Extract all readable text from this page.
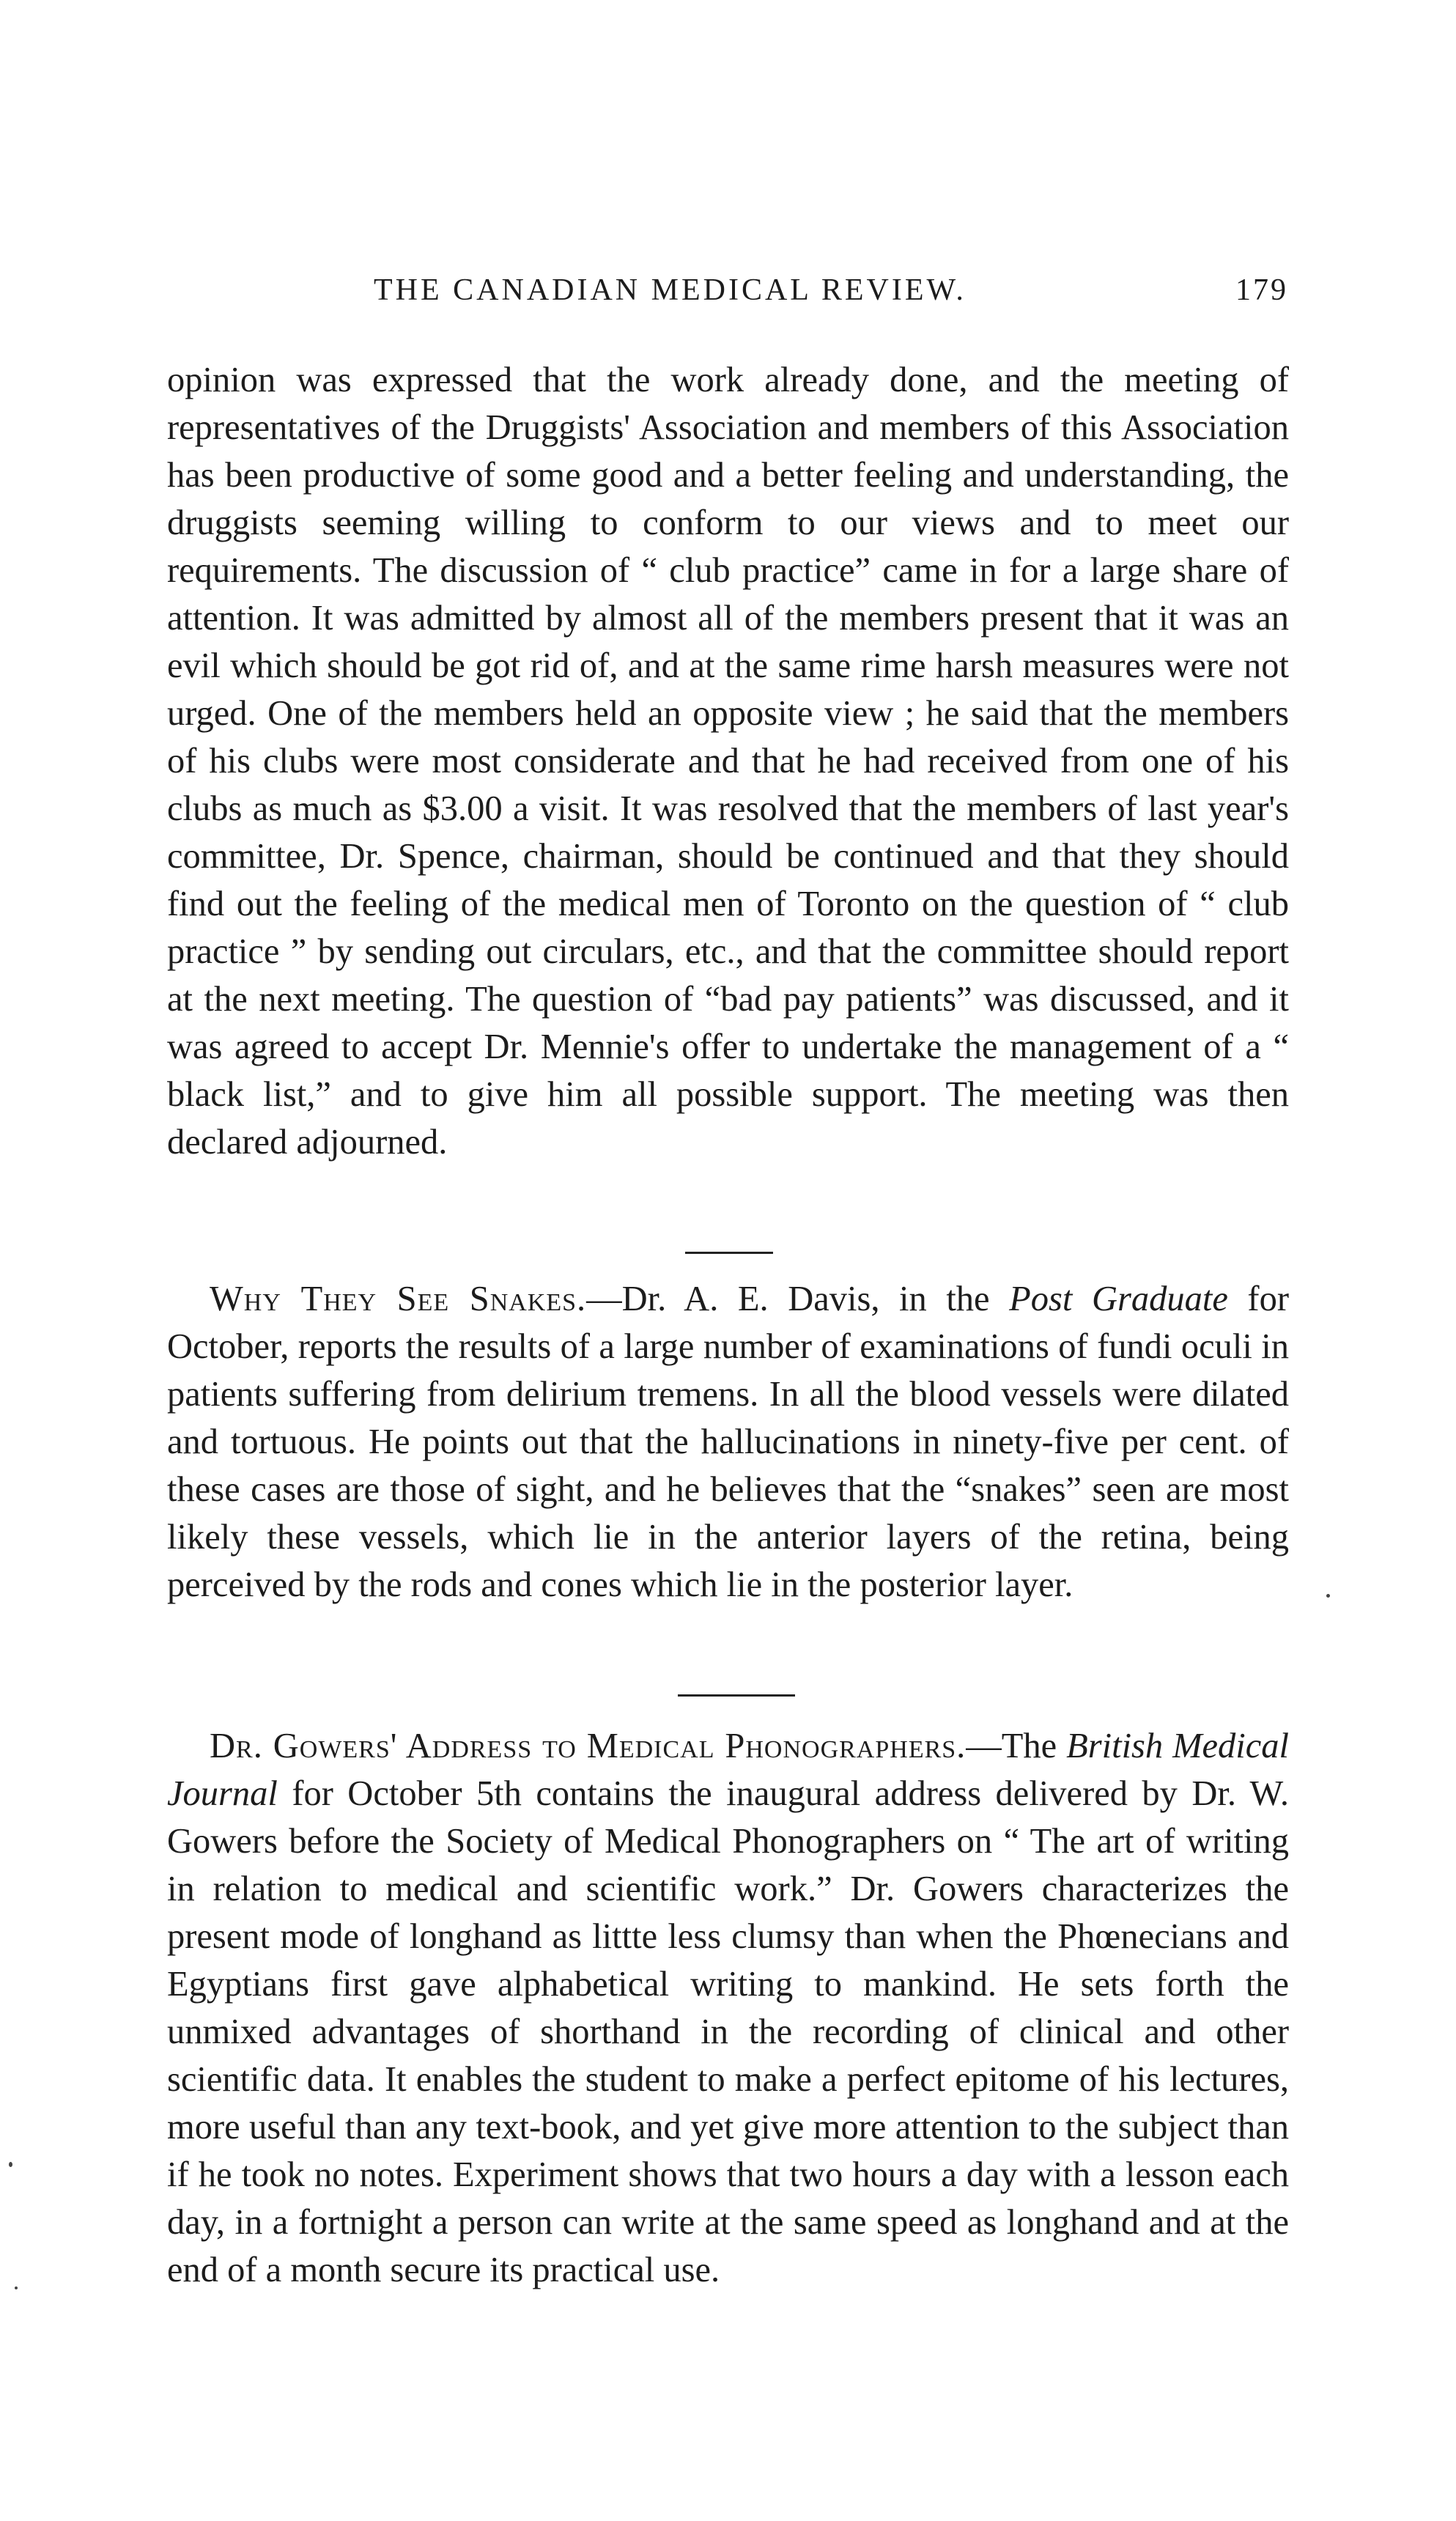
THE CANADIAN MEDICAL REVIEW.	179

opinion was expressed that the work already done, and the meeting of representatives of the Druggists' Association and members of this Association has been productive of some good and a better feeling and understanding, the druggists seeming willing to conform to our views and to meet our requirements. The discussion of “ club practice” came in for a large share of attention. It was admitted by almost all of the members present that it was an evil which should be got rid of, and at the same rime harsh measures were not urged. One of the members held an opposite view ; he said that the members of his clubs were most considerate and that he had received from one of his clubs as much as $3.00 a visit. It was resolved that the members of last year's committee, Dr. Spence, chairman, should be continued and that they should find out the feeling of the medical men of Toronto on the question of “ club practice ” by sending out circulars, etc., and that the committee should report at the next meeting. The question of “bad pay patients” was discussed, and it was agreed to accept Dr. Mennie's offer to undertake the management of a “ black list,” and to give him all possible support. The meeting was then declared adjourned.

Why They See Snakes.—Dr. A. E. Davis, in the Post Graduate for October, reports the results of a large number of examinations of fundi oculi in patients suffering from delirium tremens. In all the blood vessels were dilated and tortuous. He points out that the hallucinations in ninety-five per cent. of these cases are those of sight, and he believes that the “snakes” seen are most likely these vessels, which lie in the anterior layers of the retina, being perceived by the rods and cones which lie in the posterior layer.

Dr. Gowers' Address to Medical Phonographers.—The British Medical Journal for October 5th contains the inaugural address delivered by Dr. W. Gowers before the Society of Medical Phonographers on “ The art of writing in relation to medical and scientific work.” Dr. Gowers characterizes the present mode of longhand as littte less clumsy than when the Phœnecians and Egyptians first gave alphabetical writing to mankind. He sets forth the unmixed advantages of shorthand in the recording of clinical and other scientific data. It enables the student to make a perfect epitome of his lectures, more useful than any text-book, and yet give more attention to the subject than if he took no notes. Experiment shows that two hours a day with a lesson each day, in a fortnight a person can write at the same speed as longhand and at the end of a month secure its practical use.
